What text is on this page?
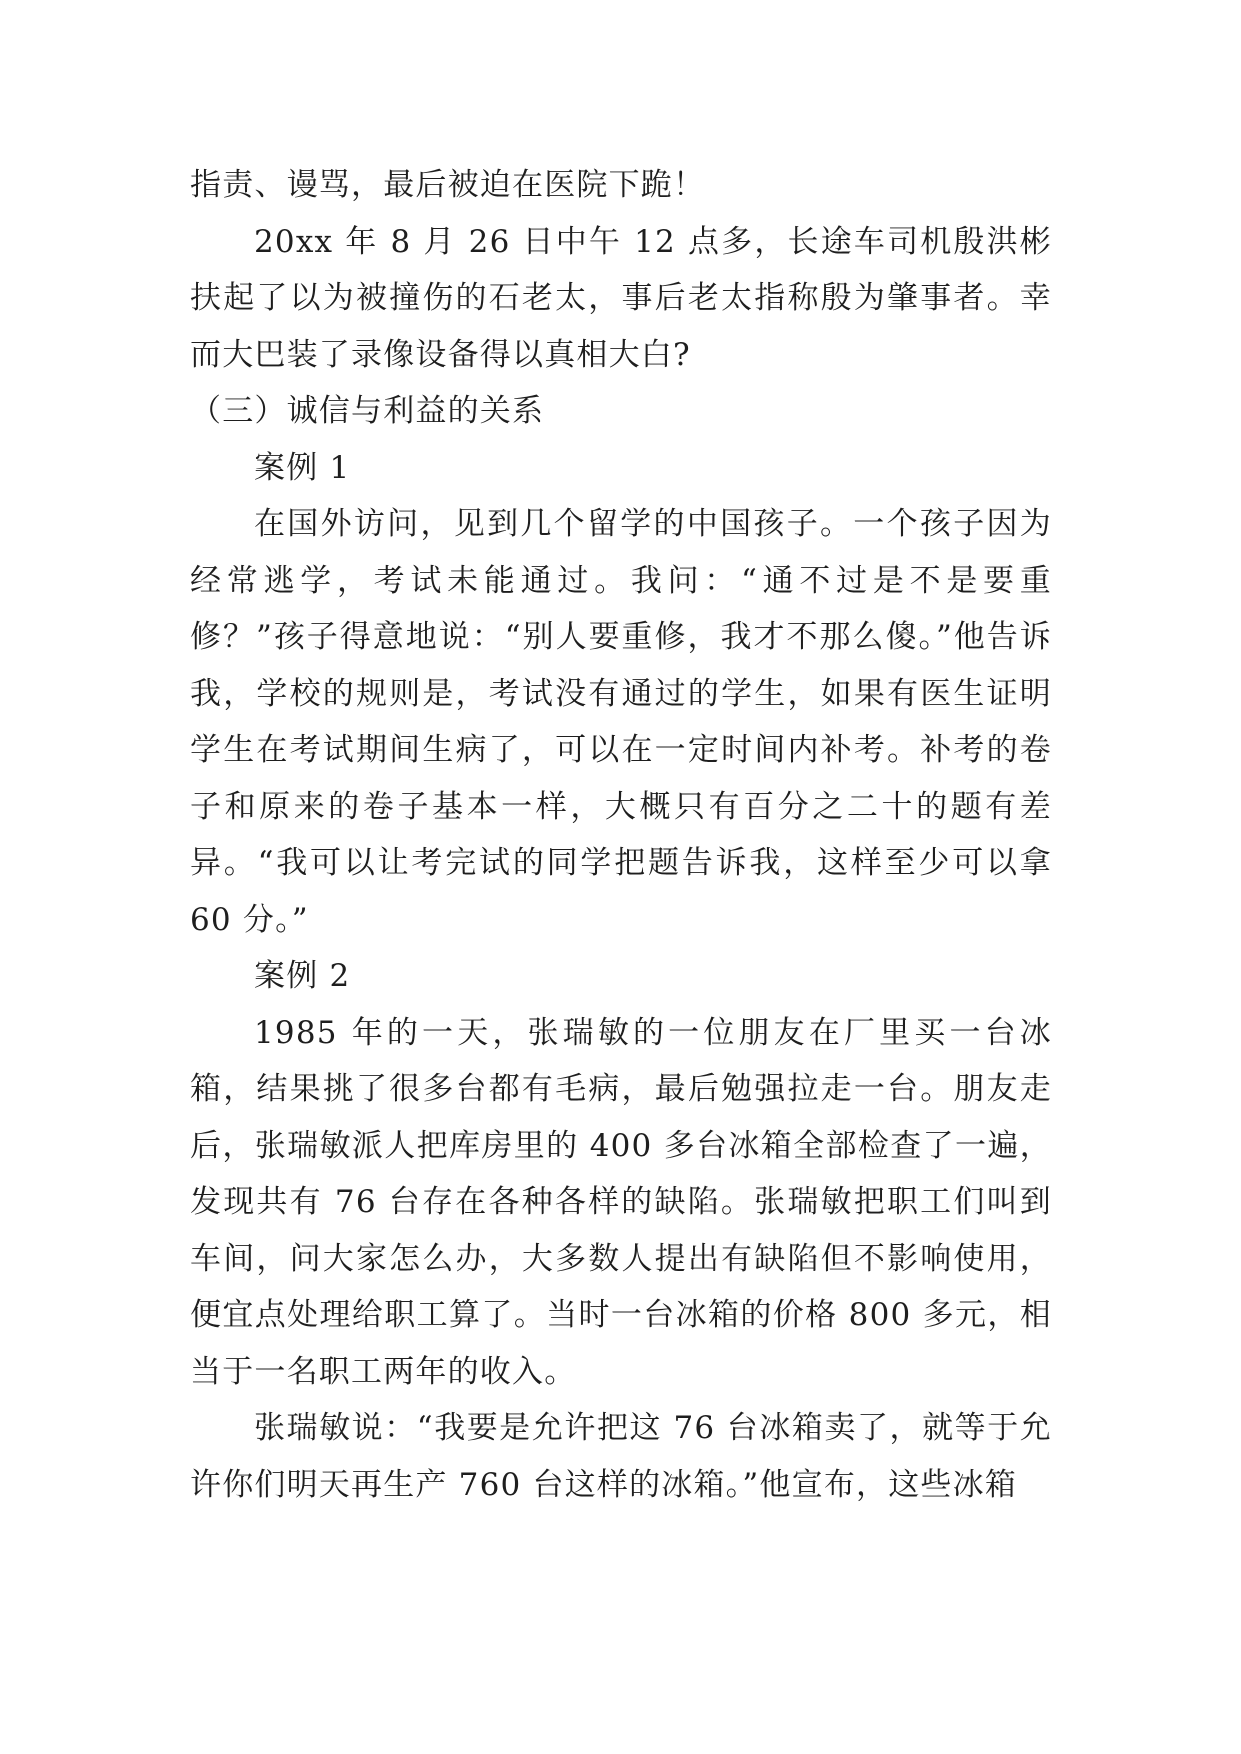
指责、谩骂，最后被迫在医院下跪！

20xx 年 8 月 26 日中午 12 点多，长途车司机殷洪彬扶起了以为被撞伤的石老太，事后老太指称殷为肇事者。幸而大巴装了录像设备得以真相大白?

（三）诚信与利益的关系

案例 1

在国外访问，见到几个留学的中国孩子。一个孩子因为经常逃学，考试未能通过。我问：“通不过是不是要重修？”孩子得意地说：“别人要重修，我才不那么傻。”他告诉我，学校的规则是，考试没有通过的学生，如果有医生证明学生在考试期间生病了，可以在一定时间内补考。补考的卷子和原来的卷子基本一样，大概只有百分之二十的题有差异。“我可以让考完试的同学把题告诉我，这样至少可以拿 60 分。”

案例 2

1985 年的一天，张瑞敏的一位朋友在厂里买一台冰箱，结果挑了很多台都有毛病，最后勉强拉走一台。朋友走后，张瑞敏派人把库房里的 400 多台冰箱全部检查了一遍，发现共有 76 台存在各种各样的缺陷。张瑞敏把职工们叫到车间，问大家怎么办，大多数人提出有缺陷但不影响使用，便宜点处理给职工算了。当时一台冰箱的价格 800 多元，相当于一名职工两年的收入。

张瑞敏说：“我要是允许把这 76 台冰箱卖了，就等于允许你们明天再生产 760 台这样的冰箱。”他宣布，这些冰箱
